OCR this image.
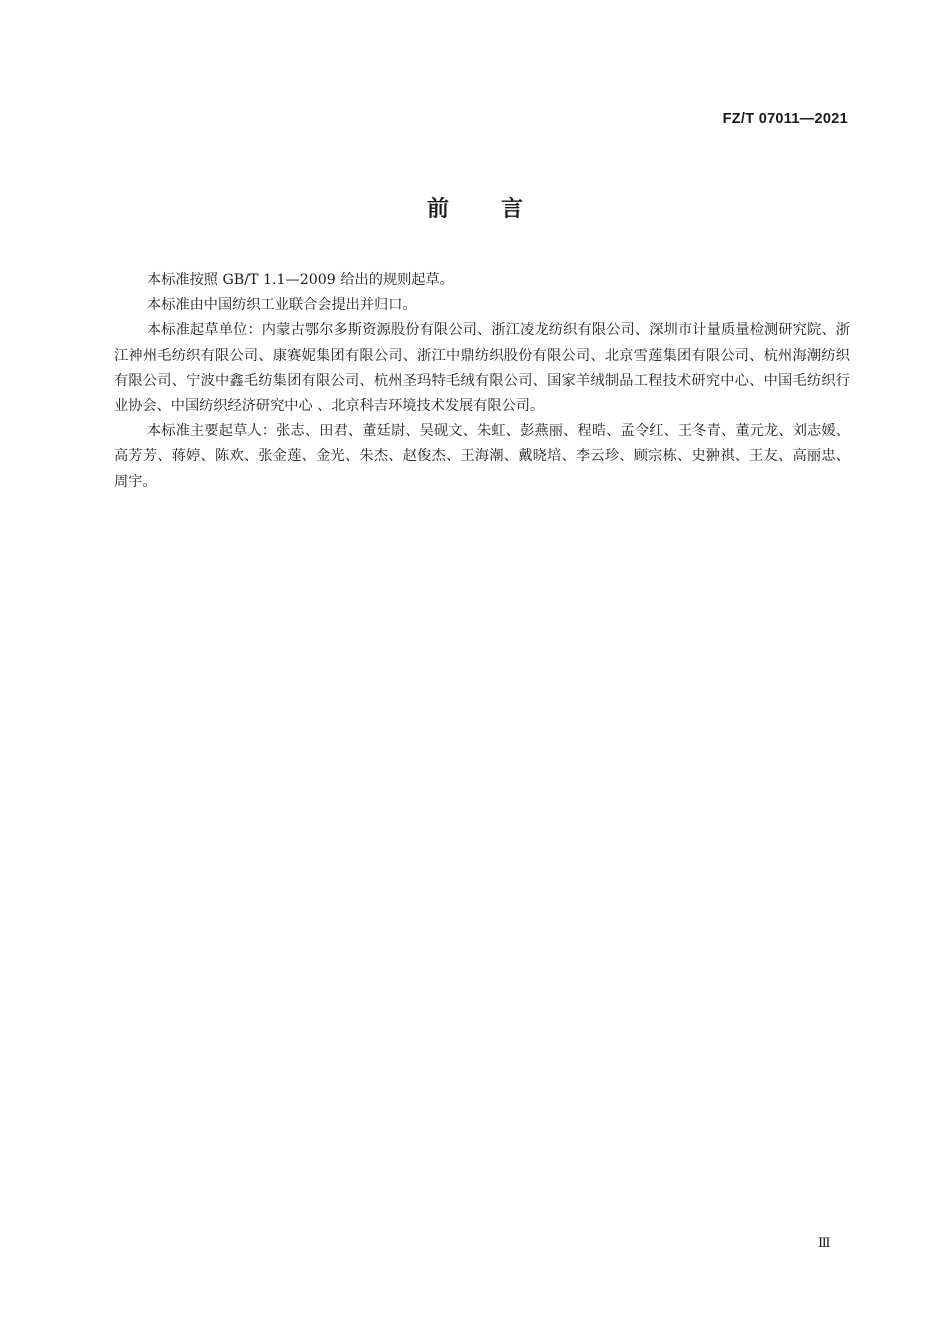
FZ/T 07011—2021
前言

本标准按照 GB/T 1.1—2009 给出的规则起草。

本标准由中国纺织工业联合会提出并归口。

本标准起草单位：内蒙古鄂尔多斯资源股份有限公司、浙江凌龙纺织有限公司、深圳市计量质量检测研究院、浙江神州毛纺织有限公司、康赛妮集团有限公司、浙江中鼎纺织股份有限公司、北京雪莲集团有限公司、杭州海潮纺织有限公司、宁波中鑫毛纺集团有限公司、杭州圣玛特毛绒有限公司、国家羊绒制品工程技术研究中心、中国毛纺织行业协会、中国纺织经济研究中心 、北京科吉环境技术发展有限公司。

本标准主要起草人：张志、田君、董廷尉、吴砚文、朱虹、彭燕丽、程晧、孟令红、王冬青、董元龙、刘志媛、高芳芳、蒋婷、陈欢、张金莲、金光、朱杰、赵俊杰、王海潮、戴晓培、李云珍、顾宗栋、史翀祺、王友、高丽忠、周宇。

Ⅲ
